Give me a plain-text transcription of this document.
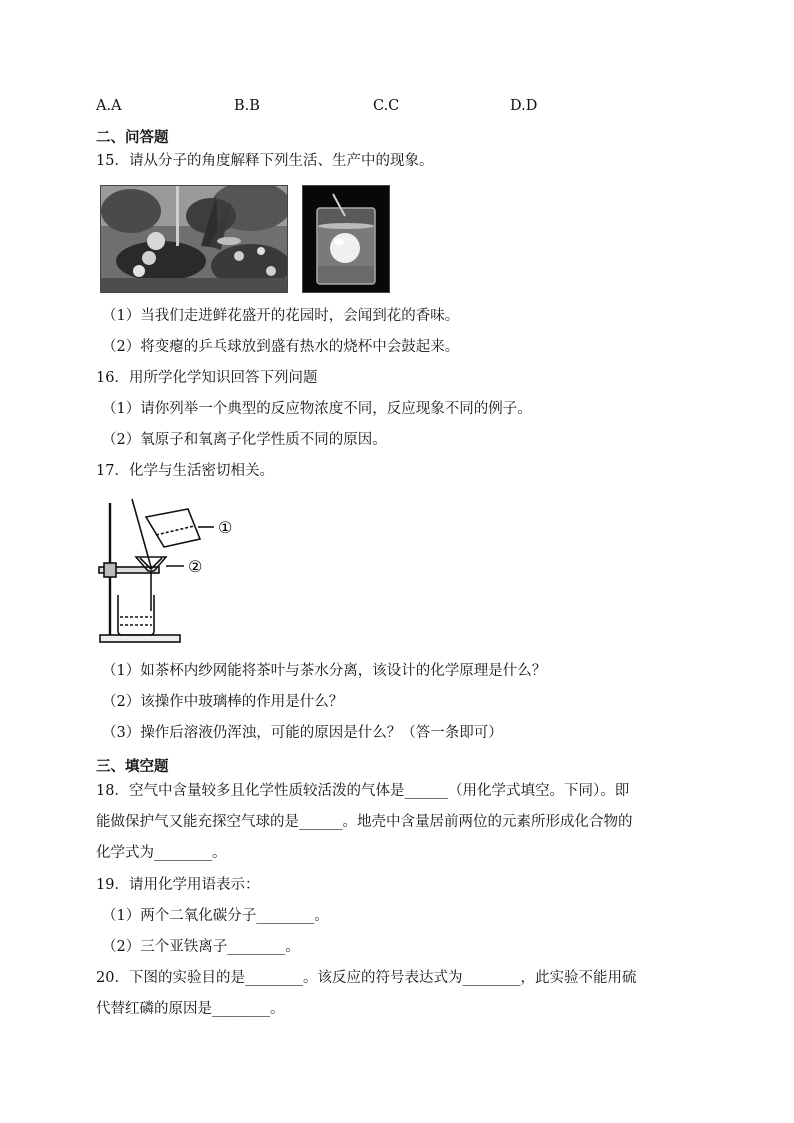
A.A	B.B	C.C	D.D
二、问答题
15．请从分子的角度解释下列生活、生产中的现象。
（1）当我们走进鲜花盛开的花园时，会闻到花的香味。
（2）将变瘪的乒乓球放到盛有热水的烧杯中会鼓起来。
16．用所学化学知识回答下列问题
（1）请你列举一个典型的反应物浓度不同，反应现象不同的例子。
（2）氧原子和氧离子化学性质不同的原因。
17．化学与生活密切相关。
①
②
（1）如茶杯内纱网能将茶叶与茶水分离，该设计的化学原理是什么？
（2）该操作中玻璃棒的作用是什么？
（3）操作后溶液仍浑浊，可能的原因是什么？（答一条即可）
三、填空题
18．空气中含量较多且化学性质较活泼的气体是______（用化学式填空。下同）。即
能做保护气又能充探空气球的是______。地壳中含量居前两位的元素所形成化合物的
化学式为________。
19．请用化学用语表示：
（1）两个二氧化碳分子________。
（2）三个亚铁离子________。
20．下图的实验目的是________。该反应的符号表达式为________，此实验不能用硫
代替红磷的原因是________。
